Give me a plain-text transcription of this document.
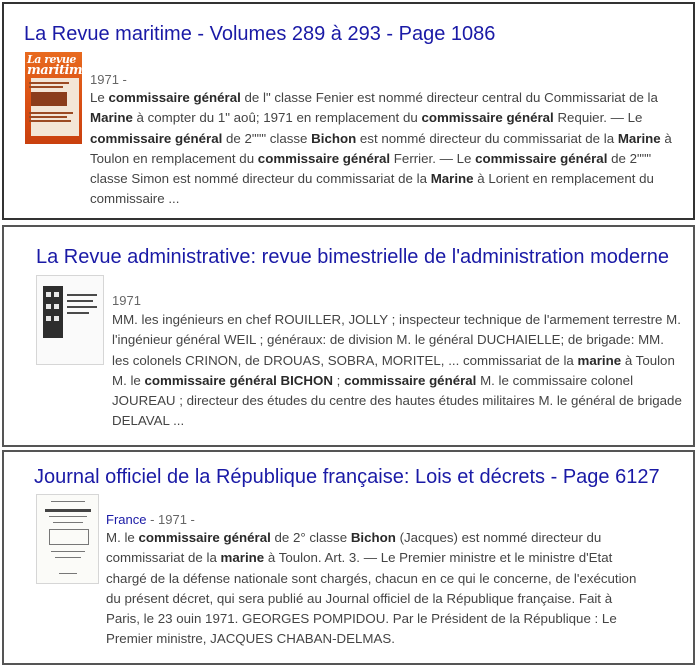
La Revue maritime - Volumes 289 à 293 - Page 1086
La revue
maritime
1971 -
Le commissaire général de l" classe Fenier est nommé directeur central du Commissariat de la Marine à compter du 1" aoû; 1971 en remplacement du commissaire général Requier. — Le commissaire général de 2""" classe Bichon est nommé directeur du commissariat de la Marine à Toulon en remplacement du commissaire général Ferrier. — Le commissaire général de 2""" classe Simon est nommé directeur du commissariat de la Marine à Lorient en remplacement du commissaire ...
La Revue administrative: revue bimestrielle de l'administration moderne
1971
MM. les ingénieurs en chef ROUILLER, JOLLY ; inspecteur technique de l'armement terrestre M. l'ingénieur général WEIL ; généraux: de division M. le général DUCHAIELLE; de brigade: MM. les colonels CRINON, de DROUAS, SOBRA, MORITEL, ... commissariat de la marine à Toulon M. le commissaire général BICHON ; commissaire général M. le commissaire colonel JOUREAU ; directeur des études du centre des hautes études militaires M. le général de brigade DELAVAL ...
Journal officiel de la République française: Lois et décrets - Page 6127
France - 1971 -
M. le commissaire général de 2° classe Bichon (Jacques) est nommé directeur du commissariat de la marine à Toulon. Art. 3. — Le Premier ministre et le ministre d'Etat chargé de la défense nationale sont chargés, chacun en ce qui le concerne, de l'exécution du présent décret, qui sera publié au Journal officiel de la République française. Fait à Paris, le 23 ouin 1971. GEORGES POMPIDOU. Par le Président de la République : Le Premier ministre, JACQUES CHABAN-DELMAS.
